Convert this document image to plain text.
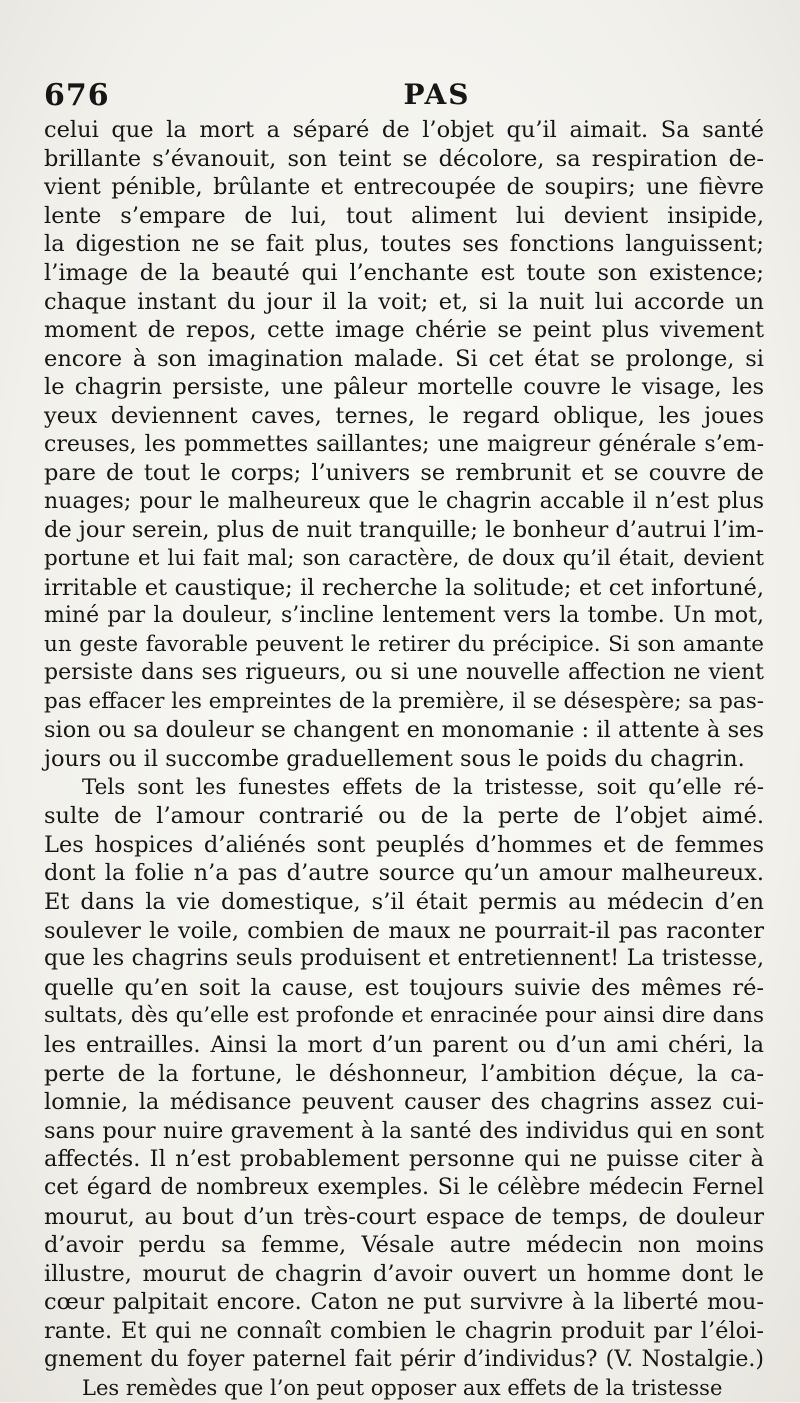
676	PAS
celui que la mort a séparé de l’objet qu’il aimait. Sa santé
brillante s’évanouit, son teint se décolore, sa respiration de-
vient pénible, brûlante et entrecoupée de soupirs; une fièvre
lente s’empare de lui, tout aliment lui devient insipide,
la digestion ne se fait plus, toutes ses fonctions languissent;
l’image de la beauté qui l’enchante est toute son existence;
chaque instant du jour il la voit; et, si la nuit lui accorde un
moment de repos, cette image chérie se peint plus vivement
encore à son imagination malade. Si cet état se prolonge, si
le chagrin persiste, une pâleur mortelle couvre le visage, les
yeux deviennent caves, ternes, le regard oblique, les joues
creuses, les pommettes saillantes; une maigreur générale s’em-
pare de tout le corps; l’univers se rembrunit et se couvre de
nuages; pour le malheureux que le chagrin accable il n’est plus
de jour serein, plus de nuit tranquille; le bonheur d’autrui l’im-
portune et lui fait mal; son caractère, de doux qu’il était, devient
irritable et caustique; il recherche la solitude; et cet infortuné,
miné par la douleur, s’incline lentement vers la tombe. Un mot,
un geste favorable peuvent le retirer du précipice. Si son amante
persiste dans ses rigueurs, ou si une nouvelle affection ne vient
pas effacer les empreintes de la première, il se désespère; sa pas-
sion ou sa douleur se changent en monomanie : il attente à ses
jours ou il succombe graduellement sous le poids du chagrin.
Tels sont les funestes effets de la tristesse, soit qu’elle ré-
sulte de l’amour contrarié ou de la perte de l’objet aimé.
Les hospices d’aliénés sont peuplés d’hommes et de femmes
dont la folie n’a pas d’autre source qu’un amour malheureux.
Et dans la vie domestique, s’il était permis au médecin d’en
soulever le voile, combien de maux ne pourrait-il pas raconter
que les chagrins seuls produisent et entretiennent! La tristesse,
quelle qu’en soit la cause, est toujours suivie des mêmes ré-
sultats, dès qu’elle est profonde et enracinée pour ainsi dire dans
les entrailles. Ainsi la mort d’un parent ou d’un ami chéri, la
perte de la fortune, le déshonneur, l’ambition déçue, la ca-
lomnie, la médisance peuvent causer des chagrins assez cui-
sans pour nuire gravement à la santé des individus qui en sont
affectés. Il n’est probablement personne qui ne puisse citer à
cet égard de nombreux exemples. Si le célèbre médecin Fernel
mourut, au bout d’un très-court espace de temps, de douleur
d’avoir perdu sa femme, Vésale autre médecin non moins
illustre, mourut de chagrin d’avoir ouvert un homme dont le
cœur palpitait encore. Caton ne put survivre à la liberté mou-
rante. Et qui ne connaît combien le chagrin produit par l’éloi-
gnement du foyer paternel fait périr d’individus? (V. Nostalgie.)
Les remèdes que l’on peut opposer aux effets de la tristesse
